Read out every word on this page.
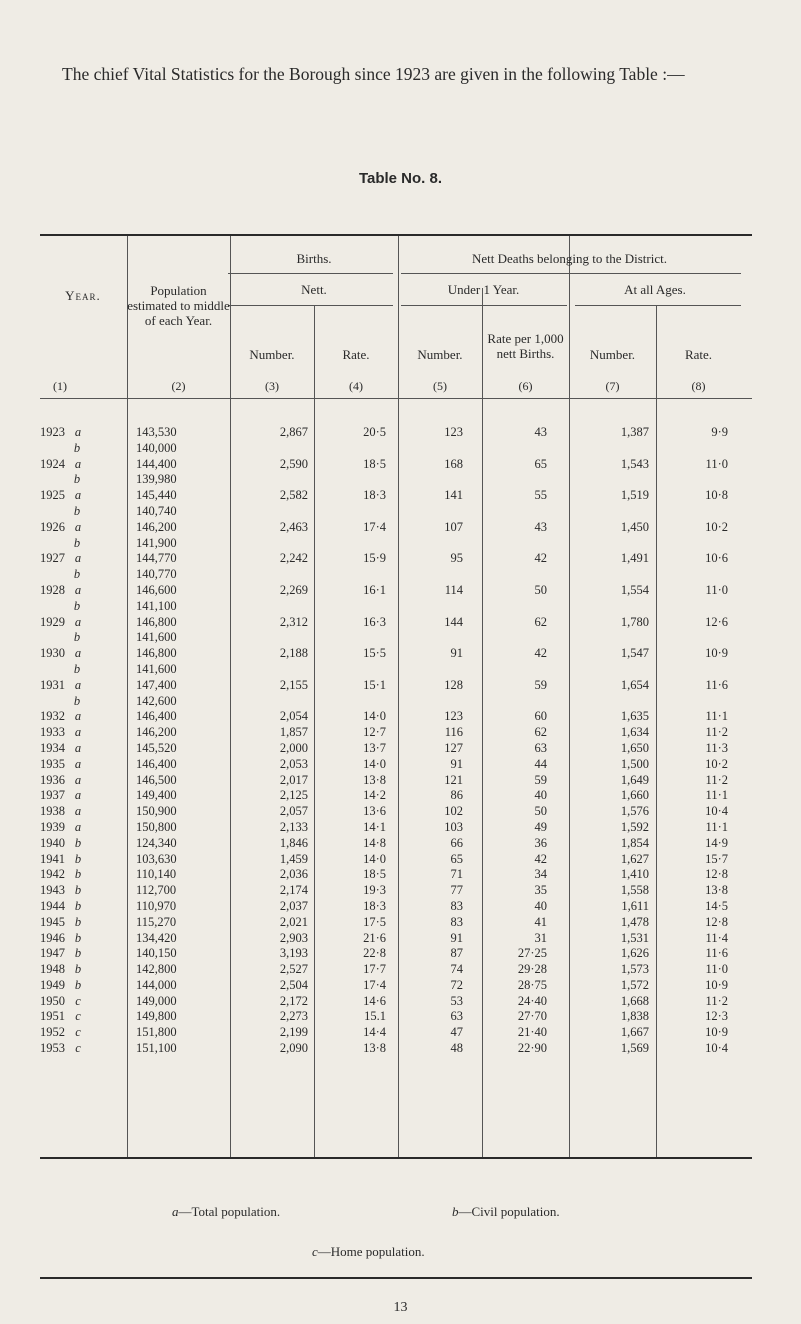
The chief Vital Statistics for the Borough since 1923 are given in the following Table :—

Table No. 8.
Year.	Population estimated to middle of each Year.
Births.	Nett Deaths belonging to the District.
Nett.	Under 1 Year.	At all Ages.
Number.	Rate.	Number.
Rate per 1,000 nett Births.	Number.	Rate.
(1)	(2)	(3)	(4)	(5)	(6)	(7)	(8)
1923 a	143,530	2,867	20·5	123	43	1,387	9·9
b	140,000
1924 a	144,400	2,590	18·5	168	65	1,543	11·0
b	139,980
1925 a	145,440	2,582	18·3	141	55	1,519	10·8
b	140,740
1926 a	146,200	2,463	17·4	107	43	1,450	10·2
b	141,900
1927 a	144,770	2,242	15·9	95	42	1,491	10·6
b	140,770
1928 a	146,600	2,269	16·1	114	50	1,554	11·0
b	141,100
1929 a	146,800	2,312	16·3	144	62	1,780	12·6
b	141,600
1930 a	146,800	2,188	15·5	91	42	1,547	10·9
b	141,600
1931 a	147,400	2,155	15·1	128	59	1,654	11·6
b	142,600
1932 a	146,400	2,054	14·0	123	60	1,635	11·1
1933 a	146,200	1,857	12·7	116	62	1,634	11·2
1934 a	145,520	2,000	13·7	127	63	1,650	11·3
1935 a	146,400	2,053	14·0	91	44	1,500	10·2
1936 a	146,500	2,017	13·8	121	59	1,649	11·2
1937 a	149,400	2,125	14·2	86	40	1,660	11·1
1938 a	150,900	2,057	13·6	102	50	1,576	10·4
1939 a	150,800	2,133	14·1	103	49	1,592	11·1
1940 b	124,340	1,846	14·8	66	36	1,854	14·9
1941 b	103,630	1,459	14·0	65	42	1,627	15·7
1942 b	110,140	2,036	18·5	71	34	1,410	12·8
1943 b	112,700	2,174	19·3	77	35	1,558	13·8
1944 b	110,970	2,037	18·3	83	40	1,611	14·5
1945 b	115,270	2,021	17·5	83	41	1,478	12·8
1946 b	134,420	2,903	21·6	91	31	1,531	11·4
1947 b	140,150	3,193	22·8	87	27·25	1,626	11·6
1948 b	142,800	2,527	17·7	74	29·28	1,573	11·0
1949 b	144,000	2,504	17·4	72	28·75	1,572	10·9
1950 c	149,000	2,172	14·6	53	24·40	1,668	11·2
1951 c	149,800	2,273	15.1	63	27·70	1,838	12·3
1952 c	151,800	2,199	14·4	47	21·40	1,667	10·9
1953 c	151,100	2,090	13·8	48	22·90	1,569	10·4
a—Total population.	b—Civil population.
c—Home population.
13
